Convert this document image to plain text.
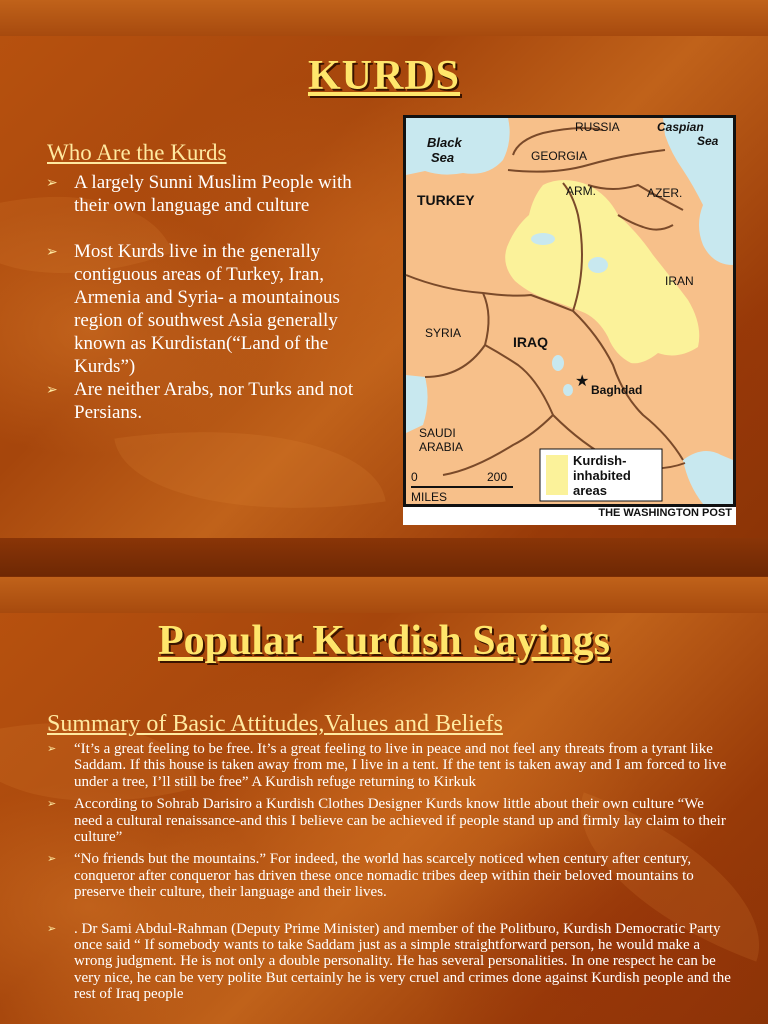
KURDS
Who Are the Kurds
➢ A largely Sunni Muslim People with their own language and culture
➢ Most Kurds live in the generally contiguous areas of Turkey, Iran, Armenia and Syria- a mountainous region of southwest Asia generally known as Kurdistan(“Land of the Kurds”)
➢ Are neither Arabs, nor Turks and not Persians.
★
Black Sea
RUSSIA	Caspian Sea
GEORGIA
TURKEY
ARM.	AZER.
IRAN
SYRIA
IRAQ
Baghdad
SAUDI ARABIA
0	200
MILES
Kurdish-inhabited areas
THE WASHINGTON POST
Popular Kurdish Sayings
Summary of Basic Attitudes,Values and Beliefs
➢ “It’s a great feeling to be free. It’s a great feeling to live in peace and not feel any threats from a tyrant like Saddam. If this house is taken away from me, I live in a tent. If the tent is taken away and I am forced to live under a tree, I’ll still be free” A Kurdish refuge returning to Kirkuk
➢ According to Sohrab Darisiro a Kurdish Clothes Designer Kurds know little about their own culture “We need a cultural renaissance-and this I believe can be achieved if people stand up and firmly lay claim to their culture”
➢ “No friends but the mountains.” For indeed, the world has scarcely noticed when century after century, conqueror after conqueror has driven these once nomadic tribes deep within their beloved mountains to preserve their culture, their language and their lives.
➢ . Dr Sami Abdul-Rahman (Deputy Prime Minister) and member of the Politburo, Kurdish Democratic Party once said “ If somebody wants to take Saddam just as a simple straightforward person, he would make a wrong judgment. He is not only a double personality. He has several personalities. In one respect he can be very nice, he can be very polite But certainly he is very cruel and crimes done against Kurdish people and the rest of Iraq people
